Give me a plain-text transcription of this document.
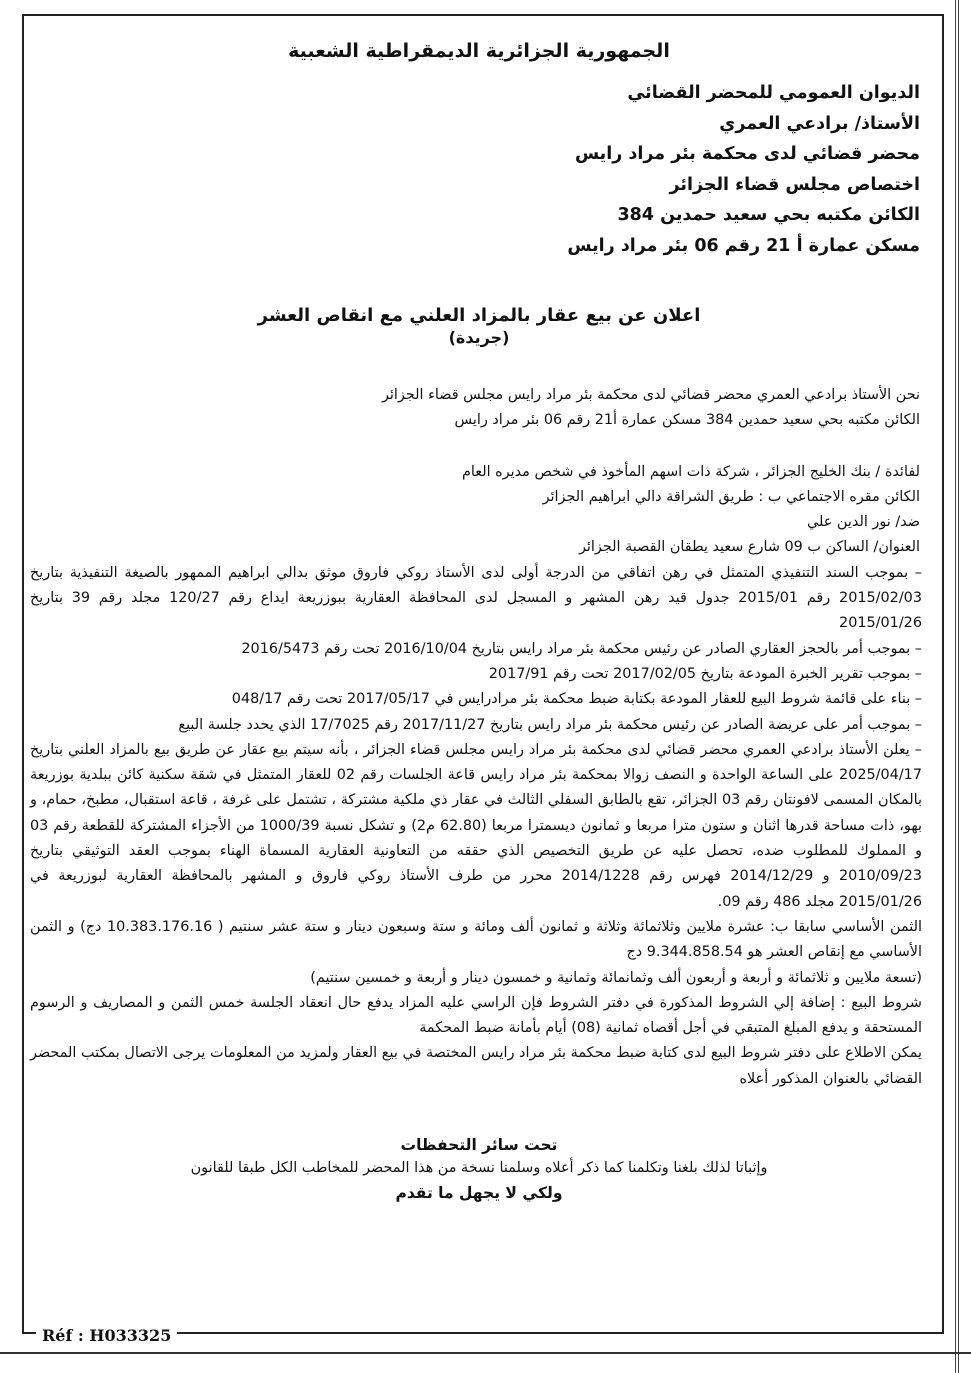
الجمهورية الجزائرية الديمقراطية الشعبية

الديوان العمومي للمحضر القضائي
الأستاذ/ برادعي العمري
محضر قضائي لدى محكمة بئر مراد رايس
اختصاص مجلس قضاء الجزائر
الكائن مكتبه بحي سعيد حمدين 384
مسكن عمارة أ 21 رقم 06 بئر مراد رايس

اعلان عن بيع عقار بالمزاد العلني مع انقاص العشر

(جريدة)

نحن الأستاذ برادعي العمري محضر قضائي لدى محكمة بئر مراد رايس مجلس قضاء الجزائر

الكائن مكتبه بحي سعيد حمدين 384 مسكن عمارة أ21 رقم 06 بئر مراد رايس

لفائدة / بنك الخليج الجزائر ، شركة ذات اسهم المأخوذ في شخص مديره العام

الكائن مقره الاجتماعي ب : طريق الشراقة دالي ابراهيم الجزائر

ضد/ نور الدين علي

العنوان/ الساكن ب 09 شارع سعيد يطقان القصبة الجزائر

– بموجب السند التنفيذي المتمثل في رهن اتفاقي من الدرجة أولى لدى الأستاذ روكي فاروق موثق بدالي ابراهيم الممهور بالصيغة التنفيذية بتاريخ 2015/02/03 رقم 2015/01 جدول قيد رهن المشهر و المسجل لدى المحافظة العقارية ببوزريعة ايداع رقم 120/27 مجلد رقم 39 بتاريخ 2015/01/26

– بموجب أمر بالحجز العقاري الصادر عن رئيس محكمة بئر مراد رايس بتاريخ 2016/10/04 تحت رقم 2016/5473

– بموجب تقرير الخبرة المودعة بتاريخ 2017/02/05 تحت رقم 2017/91

– بناء على قائمة شروط البيع للعقار المودعة بكتابة ضبط محكمة بئر مرادرايس في 2017/05/17 تحت رقم 048/17

– بموجب أمر على عريضة الصادر عن رئيس محكمة بئر مراد رايس بتاريخ 2017/11/27 رقم 17/7025 الذي يحدد جلسة البيع

– يعلن الأستاذ برادعي العمري محضر قضائي لدى محكمة بئر مراد رايس مجلس قضاء الجزائر ، بأنه سيتم بيع عقار عن طريق بيع بالمزاد العلني بتاريخ 2025/04/17 على الساعة الواحدة و النصف زوالا بمحكمة بئر مراد رايس قاعة الجلسات رقم 02 للعقار المتمثل في شقة سكنية كائن ببلدية بوزريعة بالمكان المسمى لافونتان رقم 03 الجزائر، تقع بالطابق السفلي الثالث في عقار ذي ملكية مشتركة ، تشتمل على غرفة ، قاعة استقبال، مطبخ، حمام، و بهو، ذات مساحة قدرها اثنان و ستون مترا مربعا و ثمانون ديسمترا مربعا (62.80 م2) و تشكل نسبة 1000/39 من الأجزاء المشتركة للقطعة رقم 03 و المملوك للمطلوب ضده، تحصل عليه عن طريق التخصيص الذي حققه من التعاونية العقارية المسماة الهناء بموجب العقد التوثيقي بتاريخ 2010/09/23 و 2014/12/29 فهرس رقم 2014/1228 محرر من طرف الأستاذ روكي فاروق و المشهر بالمحافظة العقارية لبوزريعة في 2015/01/26 مجلد 486 رقم 09.

الثمن الأساسي سابقا ب: عشرة ملايين وثلاثمائة وثلاثة و ثمانون ألف ومائة و ستة وسبعون دينار و ستة عشر سنتيم ( 10.383.176.16 دج) و الثمن الأساسي مع إنقاص العشر هو 9.344.858.54 دج

(تسعة ملايين و ثلاثمائة و أربعة و أربعون ألف وثمانمائة وثمانية و خمسون دينار و أربعة و خمسين سنتيم)

شروط البيع : إضافة إلي الشروط المذكورة في دفتر الشروط فإن الراسي عليه المزاد يدفع حال انعقاد الجلسة خمس الثمن و المصاريف و الرسوم المستحقة و يدفع المبلغ المتبقي في أجل أقصاه ثمانية (08) أيام بأمانة ضبط المحكمة

يمكن الاطلاع على دفتر شروط البيع لدى كتابة ضبط محكمة بئر مراد رايس المختصة في بيع العقار ولمزيد من المعلومات يرجى الاتصال بمكتب المحضر القضائي بالعنوان المذكور أعلاه

تحت سائر التحفظات

وإثباتا لذلك بلغنا وتكلمنا كما ذكر أعلاه وسلمنا نسخة من هذا المحضر للمخاطب الكل طبقا للقانون

ولكي لا يجهل ما تقدم

Réf : H033325
